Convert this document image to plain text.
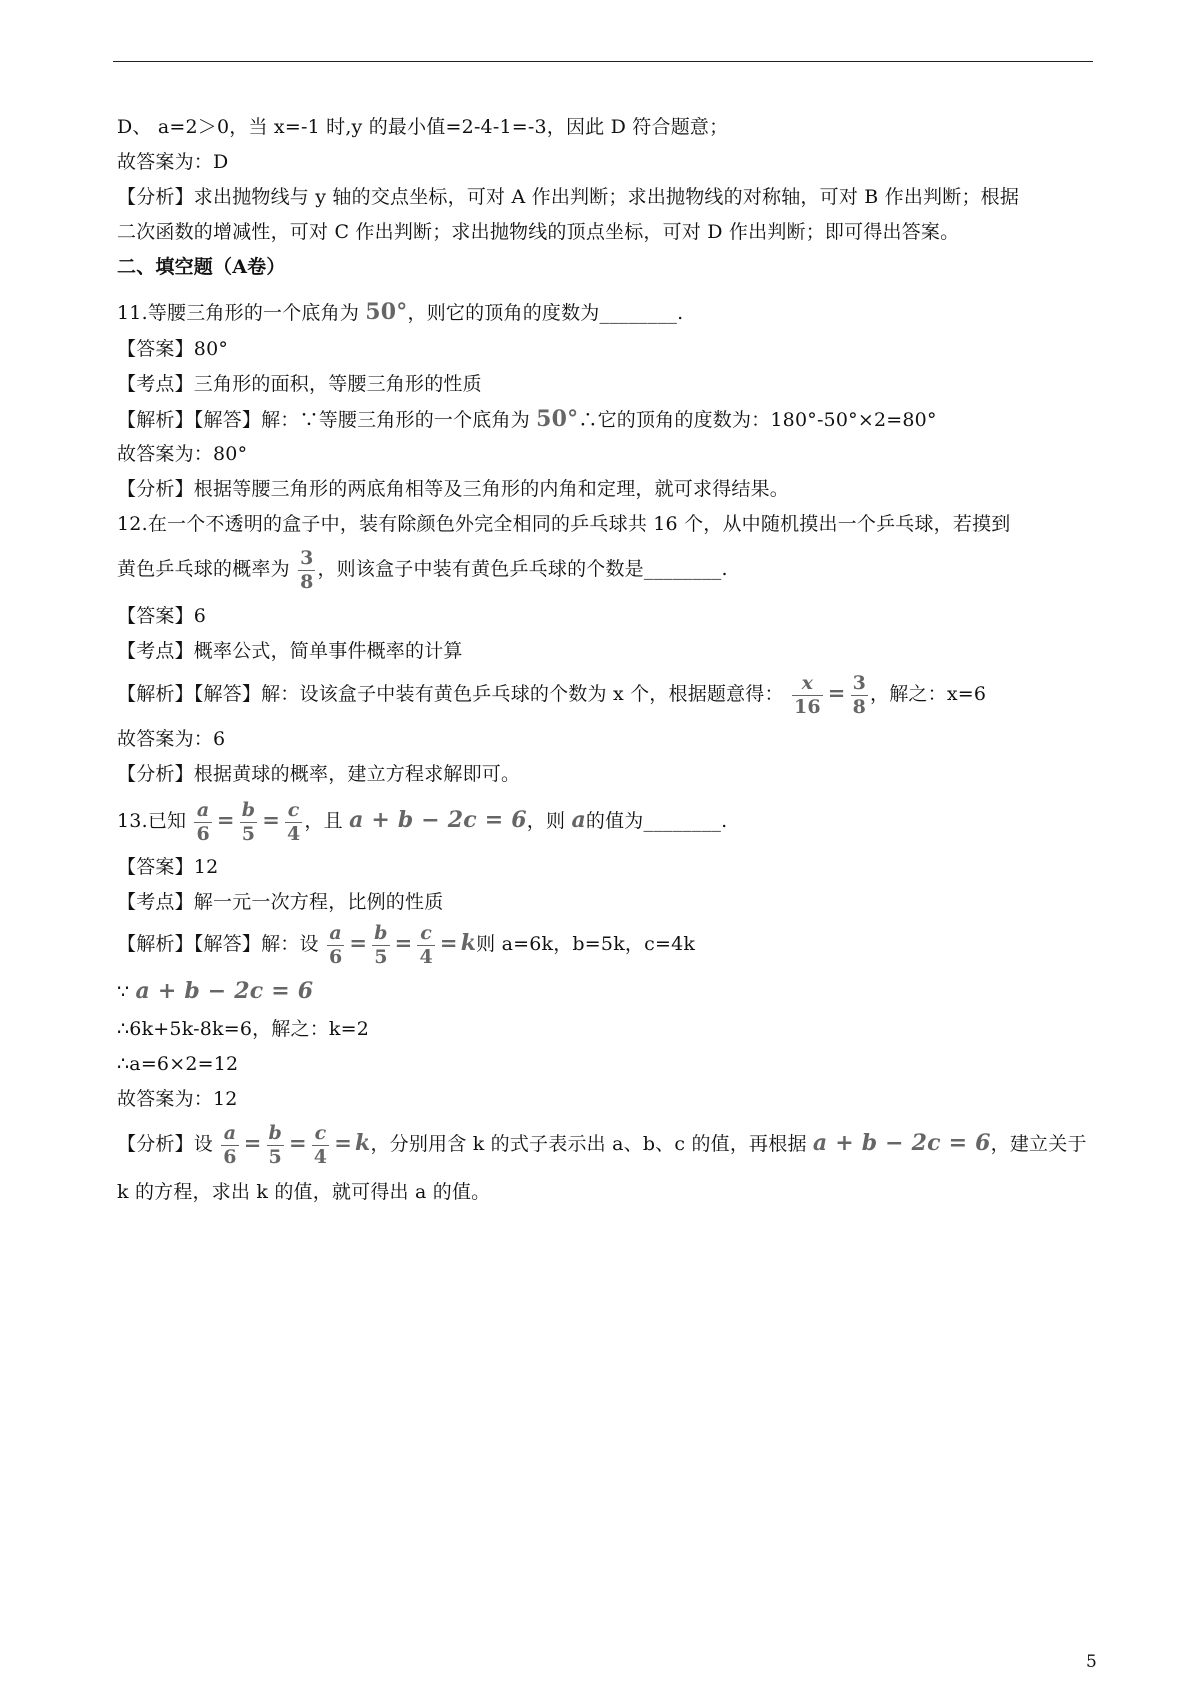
D、 a=2＞0，当 x=-1 时,y 的最小值=2-4-1=-3，因此 D 符合题意；
故答案为：D
【分析】求出抛物线与 y 轴的交点坐标，可对 A 作出判断；求出抛物线的对称轴，可对 B 作出判断；根据
二次函数的增减性，可对 C 作出判断；求出抛物线的顶点坐标，可对 D 作出判断；即可得出答案。
二、填空题（A卷）
11.等腰三角形的一个底角为 50°，则它的顶角的度数为________.
【答案】80°
【考点】三角形的面积，等腰三角形的性质
【解析】【解答】解：∵等腰三角形的一个底角为 50°∴它的顶角的度数为：180°-50°×2=80°
故答案为：80°
【分析】根据等腰三角形的两底角相等及三角形的内角和定理，就可求得结果。
12.在一个不透明的盒子中，装有除颜色外完全相同的乒乓球共 16 个，从中随机摸出一个乒乓球，若摸到
黄色乒乓球的概率为 $\frac{3}{8}$ ，则该盒子中装有黄色乒乓球的个数是________.
【答案】6
【考点】概率公式，简单事件概率的计算
【解析】【解答】解：设该盒子中装有黄色乒乓球的个数为 x 个，根据题意得： $\frac{x}{16} = \frac{3}{8}$ ，解之：x=6
故答案为：6
【分析】根据黄球的概率，建立方程求解即可。
13.已知 $\frac{a}{6} = \frac{b}{5} = \frac{c}{4}$ ，且 a + b − 2c = 6，则 a的值为________.
【答案】12
【考点】解一元一次方程，比例的性质
【解析】【解答】解：设 $\frac{a}{6} = \frac{b}{5} = \frac{c}{4} = k$则 a=6k，b=5k，c=4k
∵ a + b − 2c = 6
∴6k+5k-8k=6，解之：k=2
∴a=6×2=12
故答案为：12
【分析】设 $\frac{a}{6} = \frac{b}{5} = \frac{c}{4} = k$，分别用含 k 的式子表示出 a、b、c 的值，再根据 a + b − 2c = 6，建立关于
k 的方程，求出 k 的值，就可得出 a 的值。
5
